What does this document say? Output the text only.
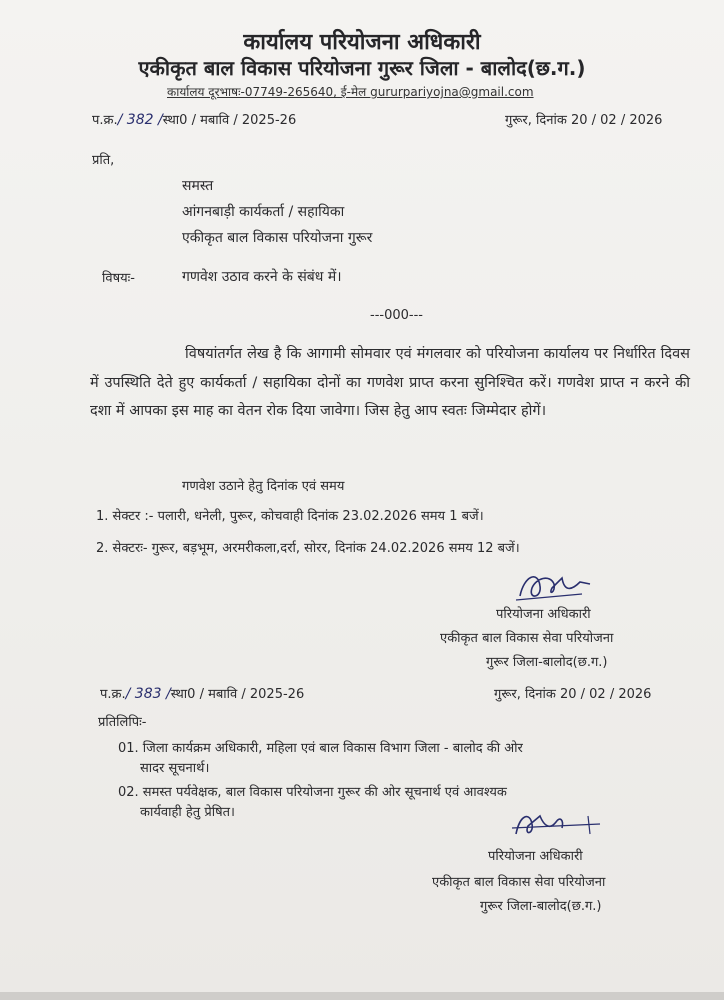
कार्यालय परियोजना अधिकारी
एकीकृत बाल विकास परियोजना गुरूर जिला - बालोद(छ.ग.)
कार्यालय दूरभाषः-07749-265640, ई-मेल gururpariyojna@gmail.com
प.क्र./ 382 /स्था0 / मबावि / 2025-26	गुरूर, दिनांक 20 / 02 / 2026
प्रति,
समस्त
आंगनबाड़ी कार्यकर्ता / सहायिका
एकीकृत बाल विकास परियोजना गुरूर
विषयः-	गणवेश उठाव करने के संबंध में।
---000---
विषयांतर्गत लेख है कि आगामी सोमवार एवं मंगलवार को परियोजना कार्यालय पर निर्धारित दिवस में उपस्थिति देते हुए कार्यकर्ता / सहायिका दोनों का गणवेश प्राप्त करना सुनिश्चित करें। गणवेश प्राप्त न करने की दशा में आपका इस माह का वेतन रोक दिया जावेगा। जिस हेतु आप स्वतः जिम्मेदार होगें।
गणवेश उठाने हेतु दिनांक एवं समय
1. सेक्टर :- पलारी, धनेली, पुरूर, कोचवाही दिनांक 23.02.2026 समय 1 बजें।
2. सेक्टरः- गुरूर, बड़भूम, अरमरीकला,दर्रा, सोरर, दिनांक 24.02.2026 समय 12 बजें।
परियोजना अधिकारी
एकीकृत बाल विकास सेवा परियोजना
गुरूर जिला-बालोद(छ.ग.)
प.क्र./ 383 /स्था0 / मबावि / 2025-26	गुरूर, दिनांक 20 / 02 / 2026
प्रतिलिपिः-
01. जिला कार्यक्रम अधिकारी, महिला एवं बाल विकास विभाग जिला - बालोद की ओर
सादर सूचनार्थ।
02. समस्त पर्यवेक्षक, बाल विकास परियोजना गुरूर की ओर सूचनार्थ एवं आवश्यक
कार्यवाही हेतु प्रेषित।
परियोजना अधिकारी
एकीकृत बाल विकास सेवा परियोजना
गुरूर जिला-बालोद(छ.ग.)
